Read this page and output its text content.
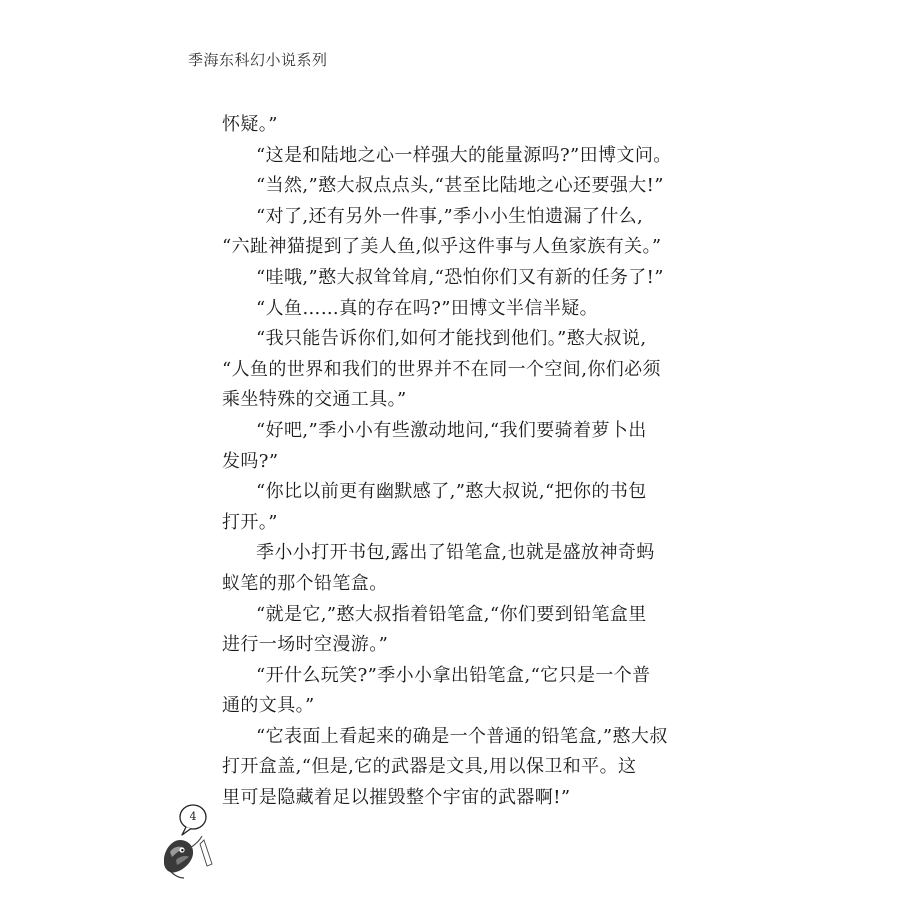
季海东科幻小说系列
怀疑。”
“这是和陆地之心一样强大的能量源吗?”田博文问。
“当然,”憨大叔点点头,“甚至比陆地之心还要强大!”
“对了,还有另外一件事,”季小小生怕遗漏了什么,
“六趾神猫提到了美人鱼,似乎这件事与人鱼家族有关。”
“哇哦,”憨大叔耸耸肩,“恐怕你们又有新的任务了!”
“人鱼……真的存在吗?”田博文半信半疑。
“我只能告诉你们,如何才能找到他们。”憨大叔说,
“人鱼的世界和我们的世界并不在同一个空间,你们必须
乘坐特殊的交通工具。”
“好吧,”季小小有些激动地问,“我们要骑着萝卜出
发吗?”
“你比以前更有幽默感了,”憨大叔说,“把你的书包
打开。”
季小小打开书包,露出了铅笔盒,也就是盛放神奇蚂
蚁笔的那个铅笔盒。
“就是它,”憨大叔指着铅笔盒,“你们要到铅笔盒里
进行一场时空漫游。”
“开什么玩笑?”季小小拿出铅笔盒,“它只是一个普
通的文具。”
“它表面上看起来的确是一个普通的铅笔盒,”憨大叔
打开盒盖,“但是,它的武器是文具,用以保卫和平。这
里可是隐藏着足以摧毁整个宇宙的武器啊!”
4
